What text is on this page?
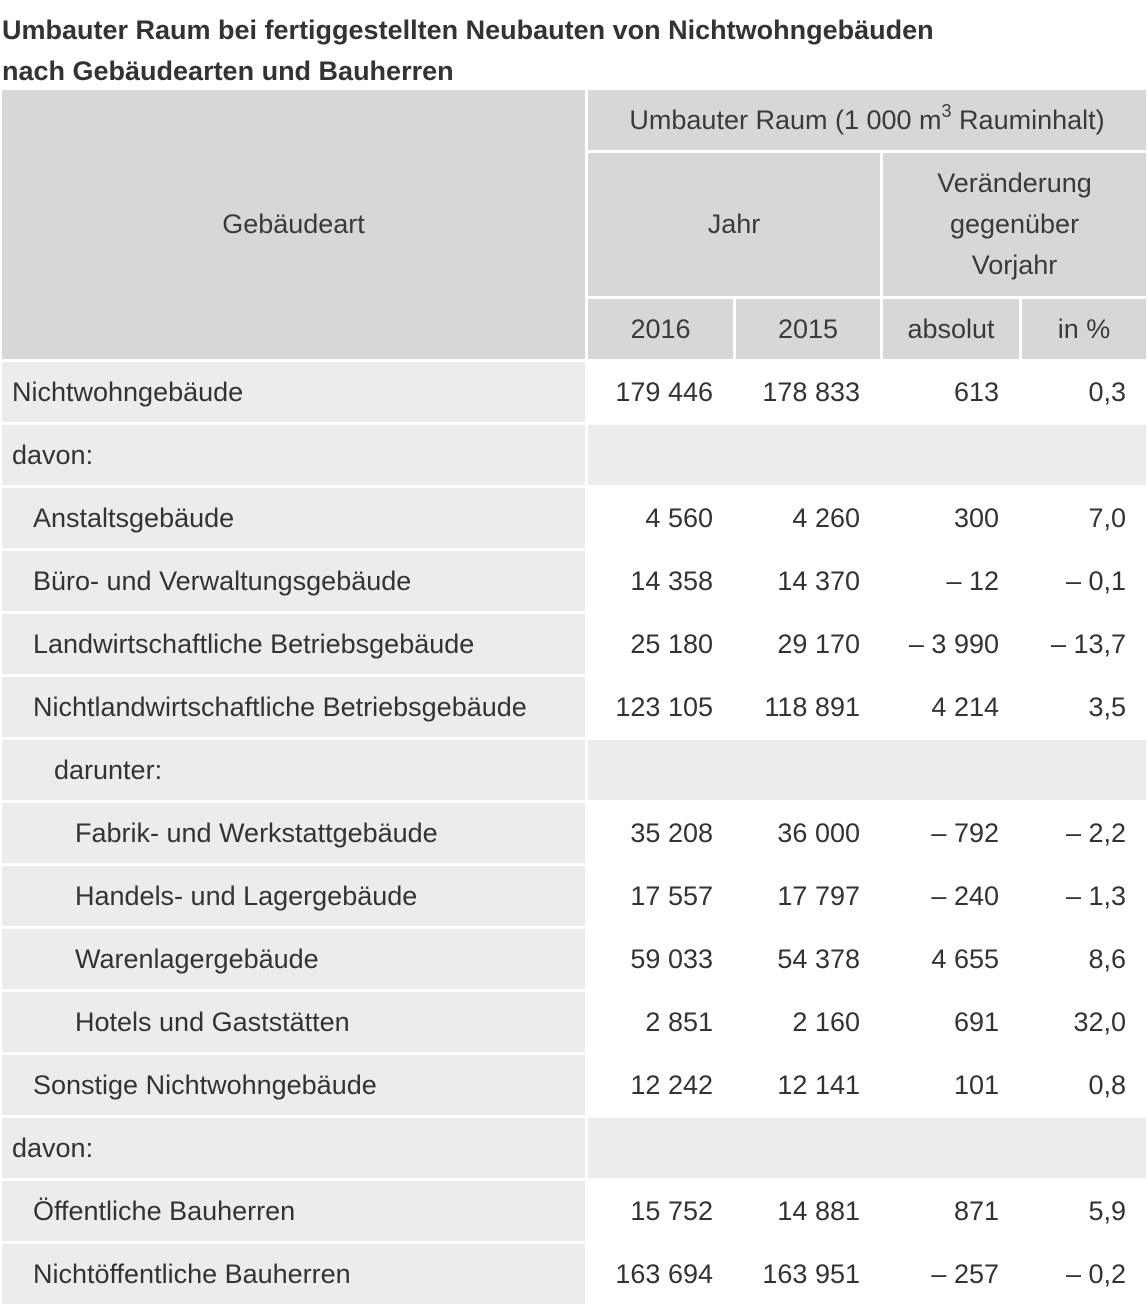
Umbauter Raum bei fertiggestellten Neubauten von Nichtwohngebäuden
nach Gebäudearten und Bauherren
Gebäudeart	Umbauter Raum (1 000 $m^3$ Rauminhalt)			
	Jahr		Veränderung
gegenüber
Vorjahr	
	2016	2015	absolut	in %
Nichtwohngebäude	179 446	178 833	613	0,3
davon:				
Anstaltsgebäude	4 560	4 260	300	7,0
Büro- und Verwaltungsgebäude	14 358	14 370	– 12	– 0,1
Landwirtschaftliche Betriebsgebäude	25 180	29 170	– 3 990	– 13,7
Nichtlandwirtschaftliche Betriebsgebäude	123 105	118 891	4 214	3,5
darunter:				
Fabrik- und Werkstattgebäude	35 208	36 000	– 792	– 2,2
Handels- und Lagergebäude	17 557	17 797	– 240	– 1,3
Warenlagergebäude	59 033	54 378	4 655	8,6
Hotels und Gaststätten	2 851	2 160	691	32,0
Sonstige Nichtwohngebäude	12 242	12 141	101	0,8
davon:				
Öffentliche Bauherren	15 752	14 881	871	5,9
Nichtöffentliche Bauherren	163 694	163 951	– 257	– 0,2
